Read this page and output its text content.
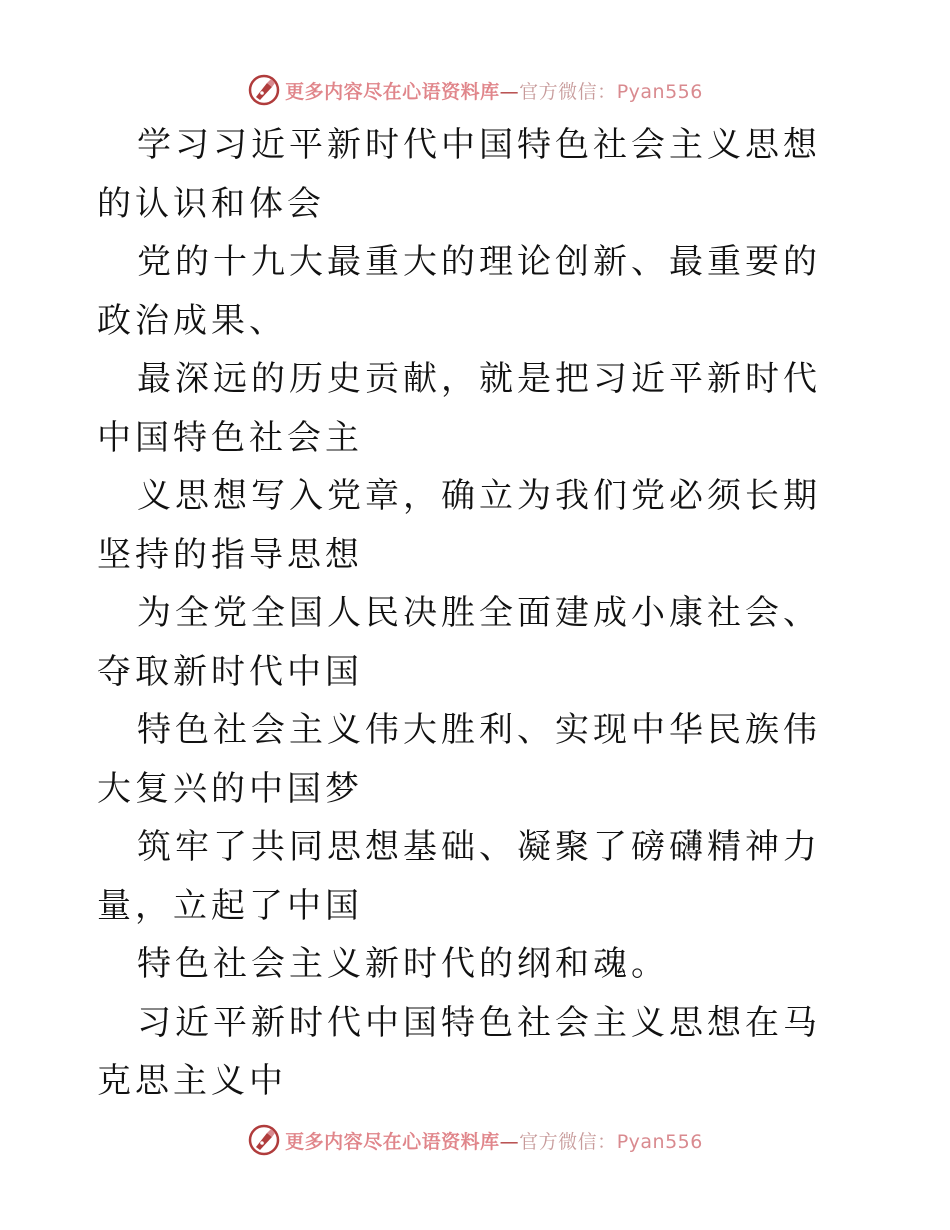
更多内容尽在心语资料库—官方微信：Pyan556

学习习近平新时代中国特色社会主义思想的认识和体会

党的十九大最重大的理论创新、最重要的政治成果、

最深远的历史贡献，就是把习近平新时代中国特色社会主

义思想写入党章，确立为我们党必须长期坚持的指导思想

为全党全国人民决胜全面建成小康社会、夺取新时代中国

特色社会主义伟大胜利、实现中华民族伟大复兴的中国梦

筑牢了共同思想基础、凝聚了磅礴精神力量，立起了中国

特色社会主义新时代的纲和魂。

习近平新时代中国特色社会主义思想在马克思主义中

更多内容尽在心语资料库—官方微信：Pyan556
